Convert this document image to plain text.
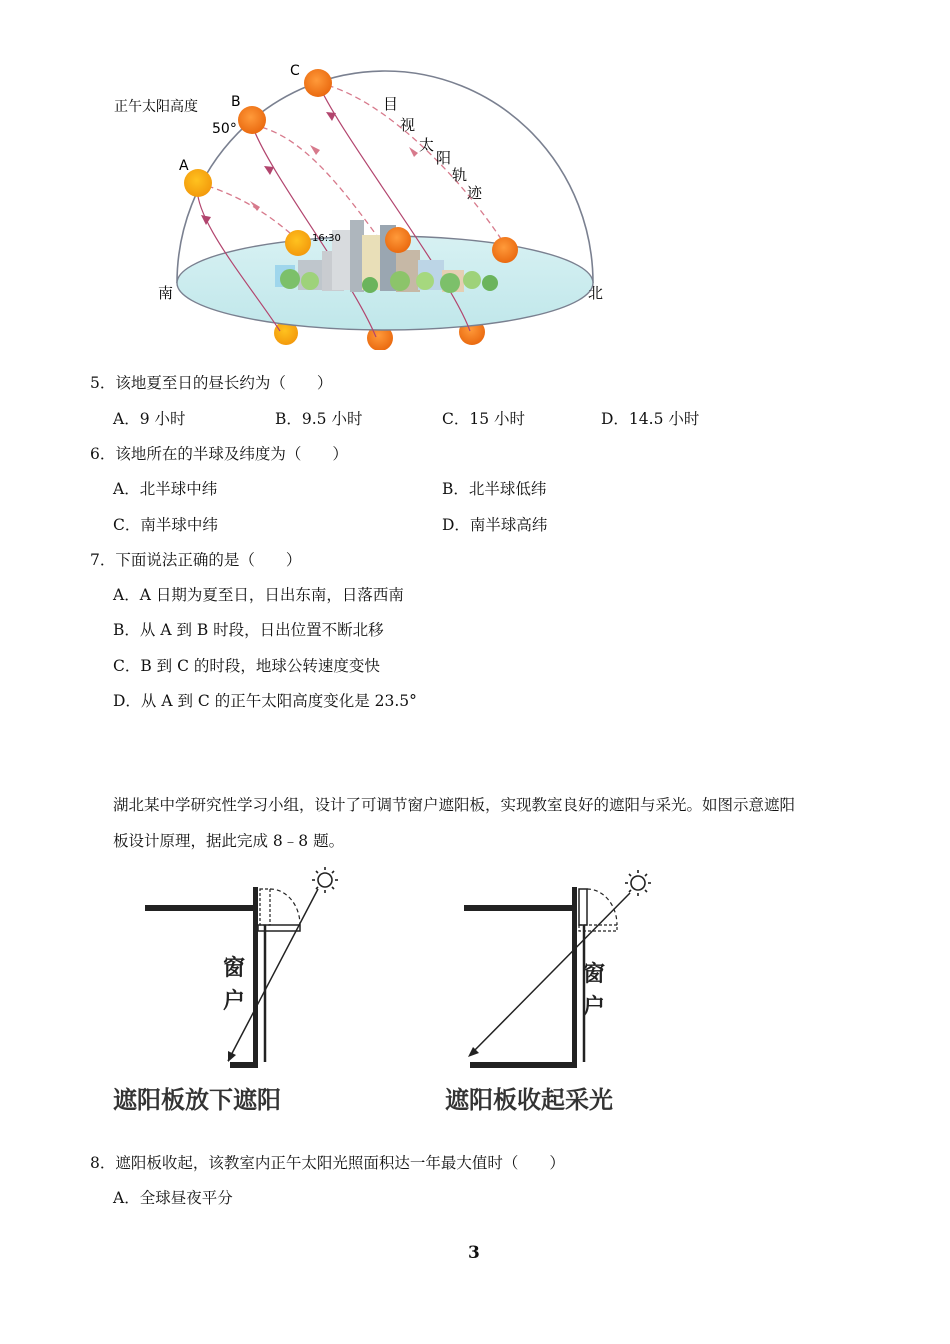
C
B
50°
正午太阳高度
A
16:30
南	北
目
视
太
阳
轨
迹
5．该地夏至日的昼长约为（　　）
A．9 小时	B．9.5 小时	C．15 小时	D．14.5 小时
6．该地所在的半球及纬度为（　　）
A．北半球中纬	B．北半球低纬
C．南半球中纬	D．南半球高纬
7．下面说法正确的是（　　）
A．A 日期为夏至日，日出东南，日落西南
B．从 A 到 B 时段，日出位置不断北移
C．B 到 C 的时段，地球公转速度变快
D．从 A 到 C 的正午太阳高度变化是 23.5°
湖北某中学研究性学习小组，设计了可调节窗户遮阳板，实现教室良好的遮阳与采光。如图示意遮阳
板设计原理，据此完成 8﹣8 题。
窗
户
遮阳板放下遮阳
窗
户
遮阳板收起采光
8．遮阳板收起，该教室内正午太阳光照面积达一年最大值时（　　）
A．全球昼夜平分
3
